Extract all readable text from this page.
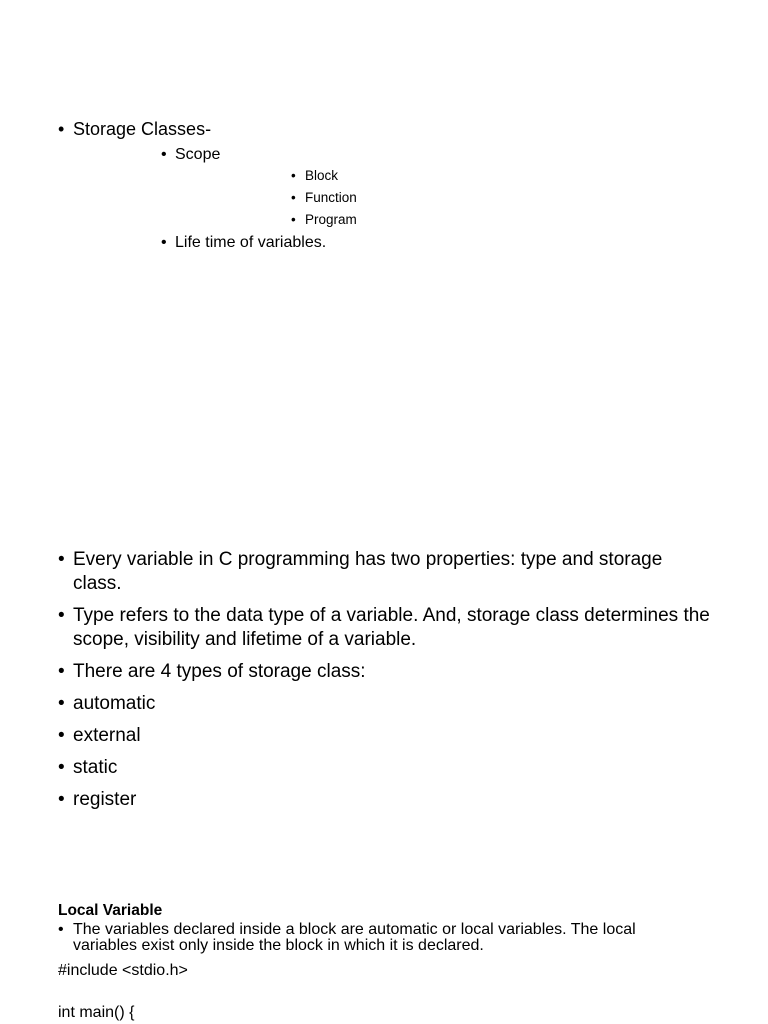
• Storage Classes-
• Scope
• Block
• Function
• Program
• Life time of variables.
• Every variable in C programming has two properties: type and storage class.
• Type refers to the data type of a variable. And, storage class determines the scope, visibility and lifetime of a variable.
• There are 4 types of storage class:
• automatic
• external
• static
• register
Local Variable
• The variables declared inside a block are automatic or local variables. The local variables exist only inside the block in which it is declared.
#include <stdio.h>
int main() {
